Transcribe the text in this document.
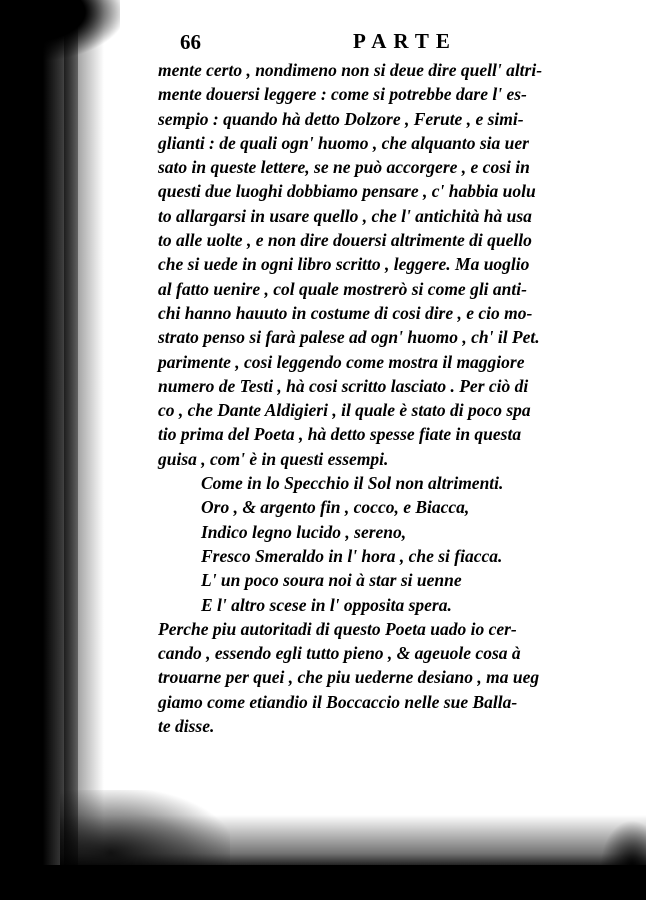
66	PARTE
mente certo , nondimeno non si deue dire quell' altri-
mente douersi leggere : come si potrebbe dare l' es-
sempio : quando hà detto Dolzore , Ferute , e simi-
glianti : de quali ogn' huomo , che alquanto sia uer
sato in queste lettere, se ne può accorgere , e cosi in
questi due luoghi dobbiamo pensare , c' habbia uolu
to allargarsi in usare quello , che l' antichità hà usa
to alle uolte , e non dire douersi altrimente di quello
che si uede in ogni libro scritto , leggere. Ma uoglio
al fatto uenire , col quale mostrerò si come gli anti-
chi hanno hauuto in costume di cosi dire , e cio mo-
strato penso si farà palese ad ogn' huomo , ch' il Pet.
parimente , cosi leggendo come mostra il maggiore
numero de Testi , hà cosi scritto lasciato . Per ciò di
co , che Dante Aldigieri , il quale è stato di poco spa
tio prima del Poeta , hà detto spesse fiate in questa
guisa , com' è in questi essempi.
Come in lo Specchio il Sol non altrimenti.
Oro , & argento fin , cocco, e Biacca,
Indico legno lucido , sereno,
Fresco Smeraldo in l' hora , che si fiacca.
L' un poco soura noi à star si uenne
E l' altro scese in l' opposita spera.
Perche piu autoritadi di questo Poeta uado io cer-
cando , essendo egli tutto pieno , & ageuole cosa à
trouarne per quei , che piu uederne desiano , ma ueg
giamo come etiandio il Boccaccio nelle sue Balla-
te disse.
